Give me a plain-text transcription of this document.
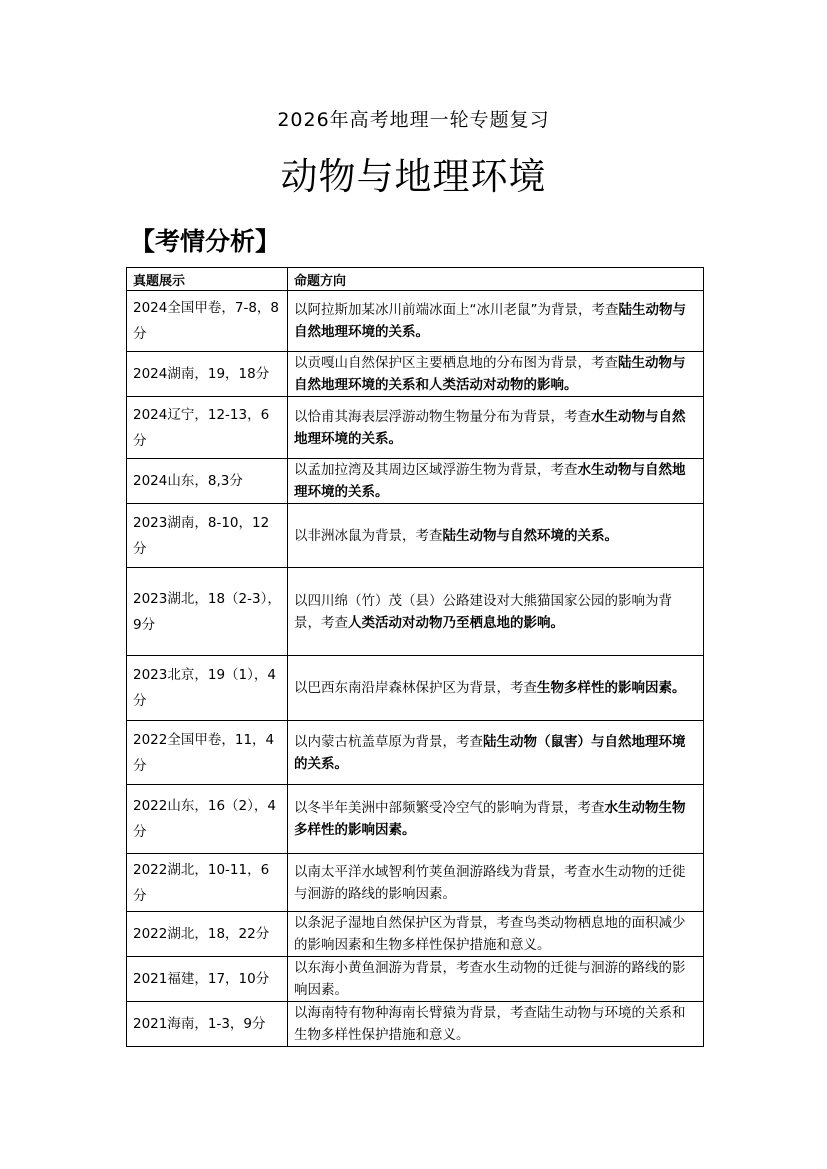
2026年高考地理一轮专题复习
动物与地理环境
【考情分析】
真题展示	命题方向
2024全国甲卷，7-8，8分	以阿拉斯加某冰川前端冰面上“冰川老鼠”为背景，考查陆生动物与自然地理环境的关系。
2024湖南，19，18分	以贡嘎山自然保护区主要栖息地的分布图为背景，考查陆生动物与自然地理环境的关系和人类活动对动物的影响。
2024辽宁，12-13，6分	以恰甫其海表层浮游动物生物量分布为背景，考查水生动物与自然地理环境的关系。
2024山东，8,3分	以孟加拉湾及其周边区域浮游生物为背景，考查水生动物与自然地理环境的关系。
2023湖南，8-10，12分	以非洲冰鼠为背景，考查陆生动物与自然环境的关系。
2023湖北，18（2-3），9分	以四川绵（竹）茂（县）公路建设对大熊猫国家公园的影响为背景，考查人类活动对动物乃至栖息地的影响。
2023北京，19（1），4分	以巴西东南沿岸森林保护区为背景，考查生物多样性的影响因素。
2022全国甲卷，11，4分	以内蒙古杭盖草原为背景，考查陆生动物（鼠害）与自然地理环境的关系。
2022山东，16（2），4分	以冬半年美洲中部频繁受冷空气的影响为背景，考查水生动物生物多样性的影响因素。
2022湖北，10-11，6分	以南太平洋水域智利竹荚鱼洄游路线为背景，考查水生动物的迁徙与洄游的路线的影响因素。
2022湖北，18，22分	以条泥子湿地自然保护区为背景，考查鸟类动物栖息地的面积减少的影响因素和生物多样性保护措施和意义。
2021福建，17，10分	以东海小黄鱼洄游为背景，考查水生动物的迁徙与洄游的路线的影响因素。
2021海南，1-3，9分	以海南特有物种海南长臂猿为背景，考查陆生动物与环境的关系和生物多样性保护措施和意义。
